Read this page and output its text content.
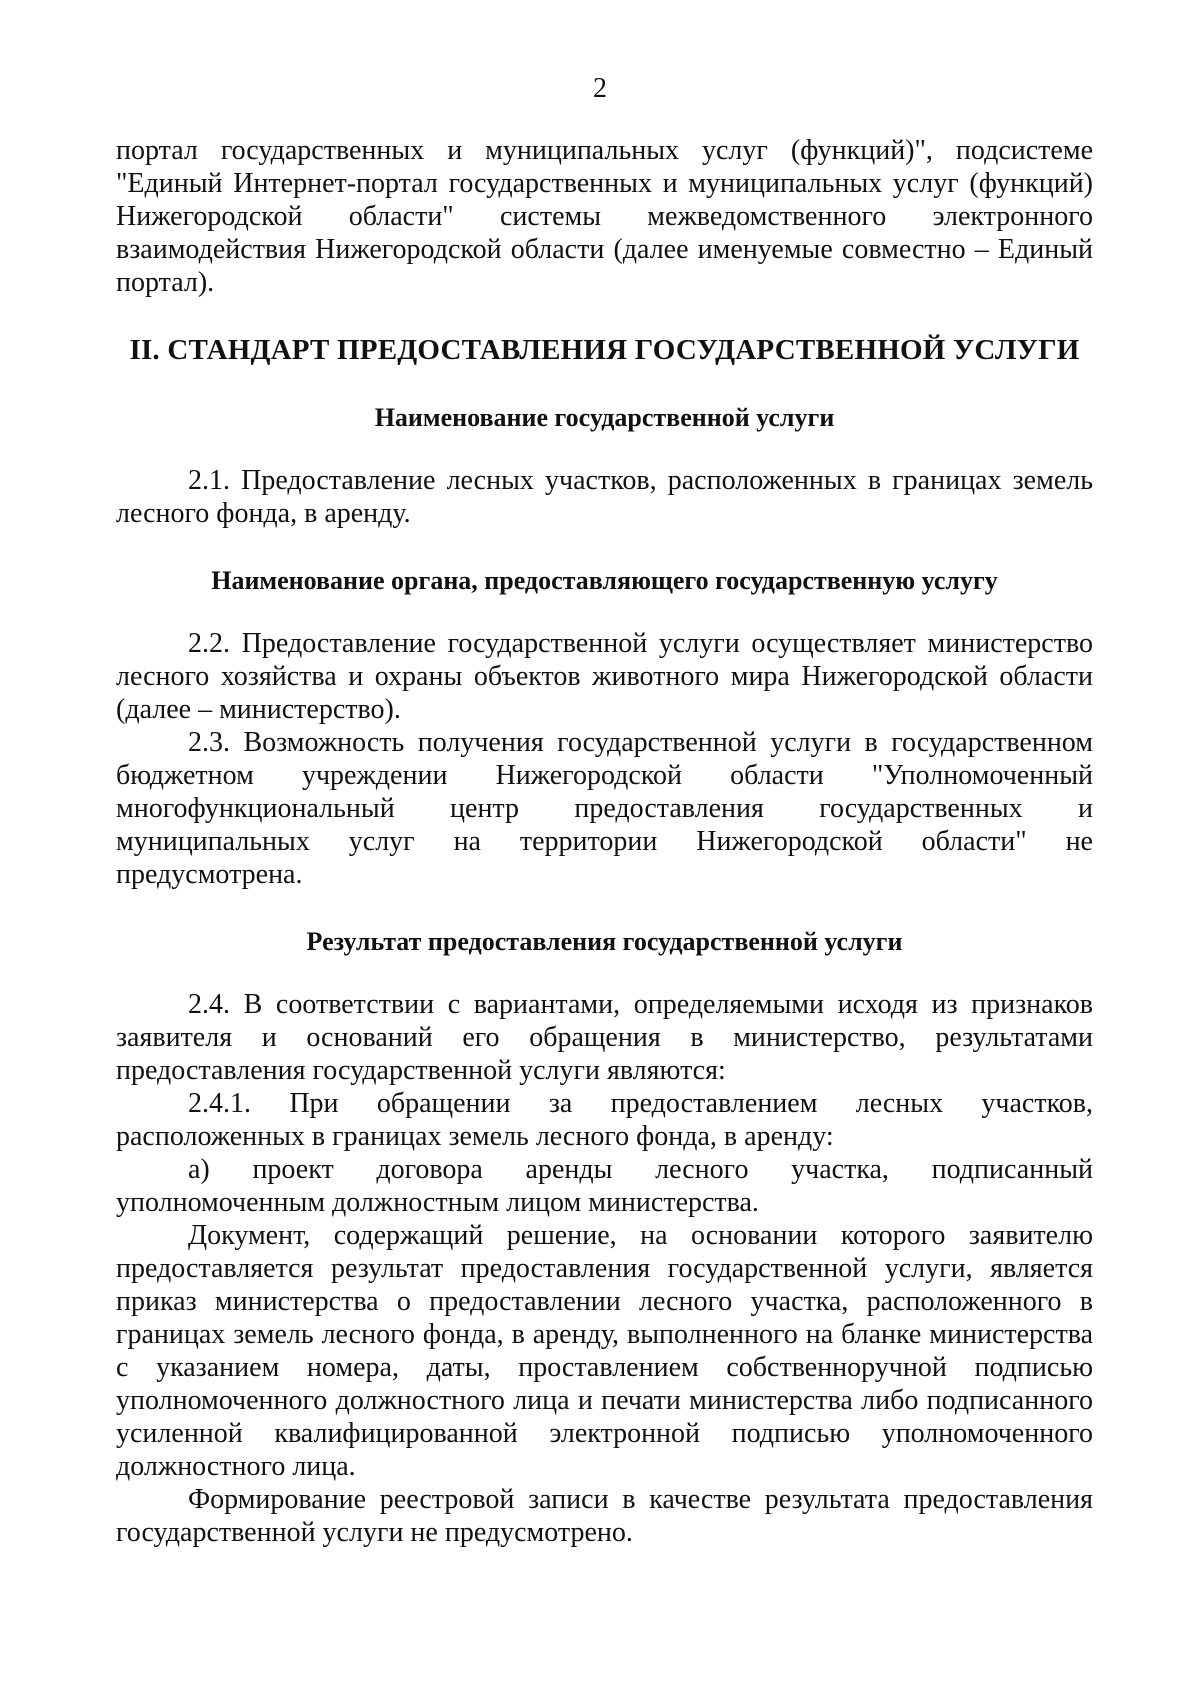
2

портал государственных и муниципальных услуг (функций)", подсистеме "Единый Интернет-портал государственных и муниципальных услуг (функций) Нижегородской области" системы межведомственного электронного взаимодействия Нижегородской области (далее именуемые совместно – Единый портал).

II. СТАНДАРТ ПРЕДОСТАВЛЕНИЯ ГОСУДАРСТВЕННОЙ УСЛУГИ
Наименование государственной услуги

2.1. Предоставление лесных участков, расположенных в границах земель лесного фонда, в аренду.

Наименование органа, предоставляющего государственную услугу

2.2. Предоставление государственной услуги осуществляет министерство лесного хозяйства и охраны объектов животного мира Нижегородской области (далее – министерство).

2.3. Возможность получения государственной услуги в государственном бюджетном учреждении Нижегородской области "Уполномоченный многофункциональный центр предоставления государственных и муниципальных услуг на территории Нижегородской области" не предусмотрена.

Результат предоставления государственной услуги

2.4. В соответствии с вариантами, определяемыми исходя из признаков заявителя и оснований его обращения в министерство, результатами предоставления государственной услуги являются:

2.4.1. При обращении за предоставлением лесных участков, расположенных в границах земель лесного фонда, в аренду:

а) проект договора аренды лесного участка, подписанный уполномоченным должностным лицом министерства.

Документ, содержащий решение, на основании которого заявителю предоставляется результат предоставления государственной услуги, является приказ министерства о предоставлении лесного участка, расположенного в границах земель лесного фонда, в аренду, выполненного на бланке министерства с указанием номера, даты, проставлением собственноручной подписью уполномоченного должностного лица и печати министерства либо подписанного усиленной квалифицированной электронной подписью уполномоченного должностного лица.

Формирование реестровой записи в качестве результата предоставления государственной услуги не предусмотрено.
